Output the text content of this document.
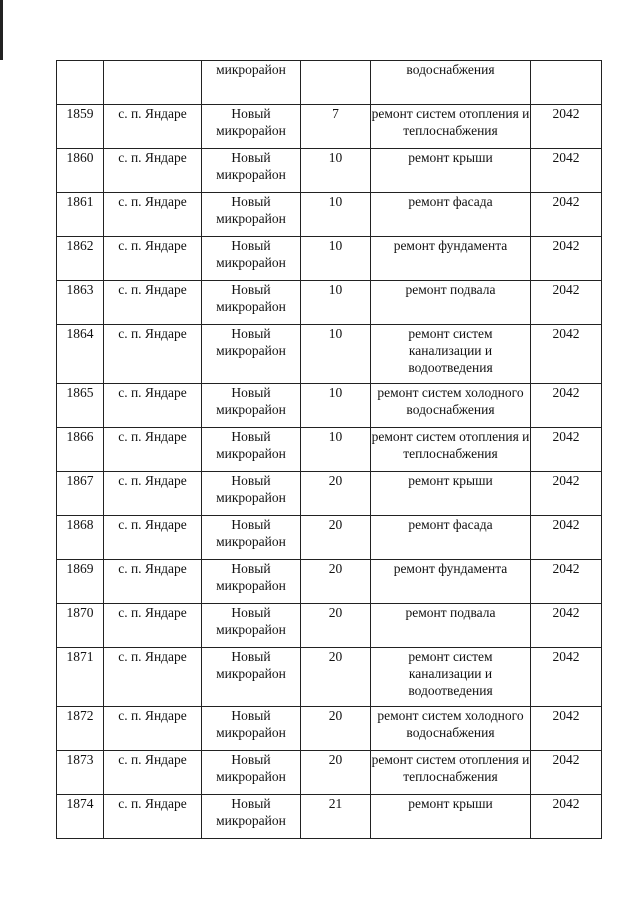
		микрорайон		водоснабжения	
1859	с. п. Яндаре	Новый микрорайон	7	ремонт систем отопления и теплоснабжения	2042
1860	с. п. Яндаре	Новый микрорайон	10	ремонт крыши	2042
1861	с. п. Яндаре	Новый микрорайон	10	ремонт фасада	2042
1862	с. п. Яндаре	Новый микрорайон	10	ремонт фундамента	2042
1863	с. п. Яндаре	Новый микрорайон	10	ремонт подвала	2042
1864	с. п. Яндаре	Новый микрорайон	10	ремонт систем канализации и водоотведения	2042
1865	с. п. Яндаре	Новый микрорайон	10	ремонт систем холодного водоснабжения	2042
1866	с. п. Яндаре	Новый микрорайон	10	ремонт систем отопления и теплоснабжения	2042
1867	с. п. Яндаре	Новый микрорайон	20	ремонт крыши	2042
1868	с. п. Яндаре	Новый микрорайон	20	ремонт фасада	2042
1869	с. п. Яндаре	Новый микрорайон	20	ремонт фундамента	2042
1870	с. п. Яндаре	Новый микрорайон	20	ремонт подвала	2042
1871	с. п. Яндаре	Новый микрорайон	20	ремонт систем канализации и водоотведения	2042
1872	с. п. Яндаре	Новый микрорайон	20	ремонт систем холодного водоснабжения	2042
1873	с. п. Яндаре	Новый микрорайон	20	ремонт систем отопления и теплоснабжения	2042
1874	с. п. Яндаре	Новый микрорайон	21	ремонт крыши	2042
